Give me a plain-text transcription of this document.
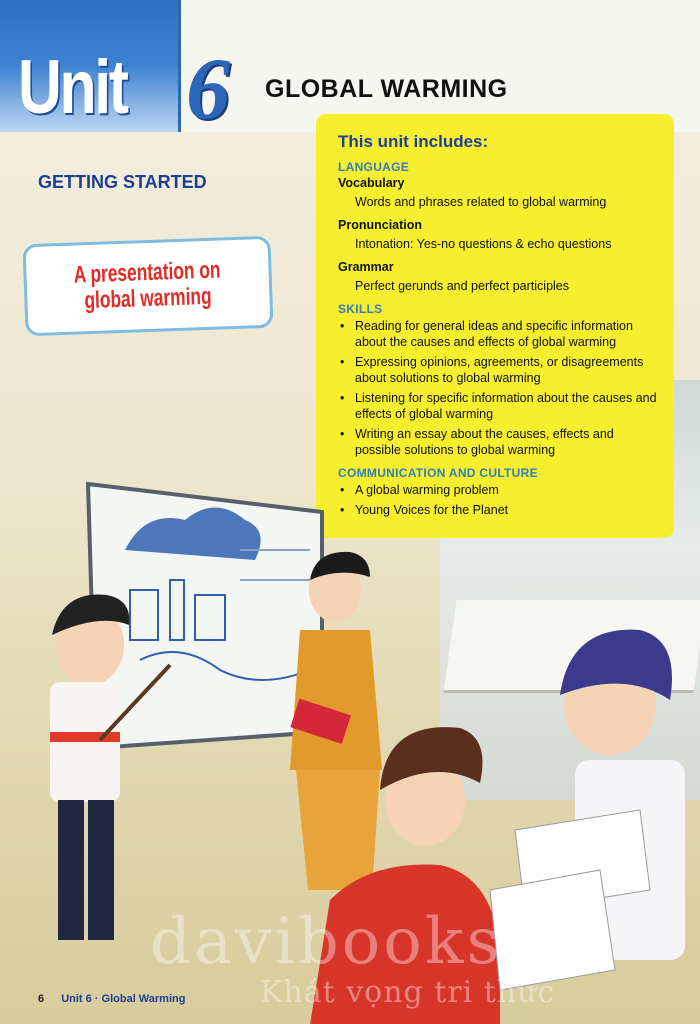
Unit 6 GLOBAL WARMING
GETTING STARTED
A presentation on
global warming
This unit includes:
LANGUAGE
Vocabulary
Words and phrases related to global warming
Pronunciation
Intonation: Yes-no questions & echo questions
Grammar
Perfect gerunds and perfect participles
SKILLS
• Reading for general ideas and specific information about the causes and effects of global warming
• Expressing opinions, agreements, or disagreements about solutions to global warming
• Listening for specific information about the causes and effects of global warming
• Writing an essay about the causes, effects and possible solutions to global warming
COMMUNICATION AND CULTURE
• A global warming problem
• Young Voices for the Planet
davibooks
Khát vọng tri thức
6 Unit 6 · Global Warming
